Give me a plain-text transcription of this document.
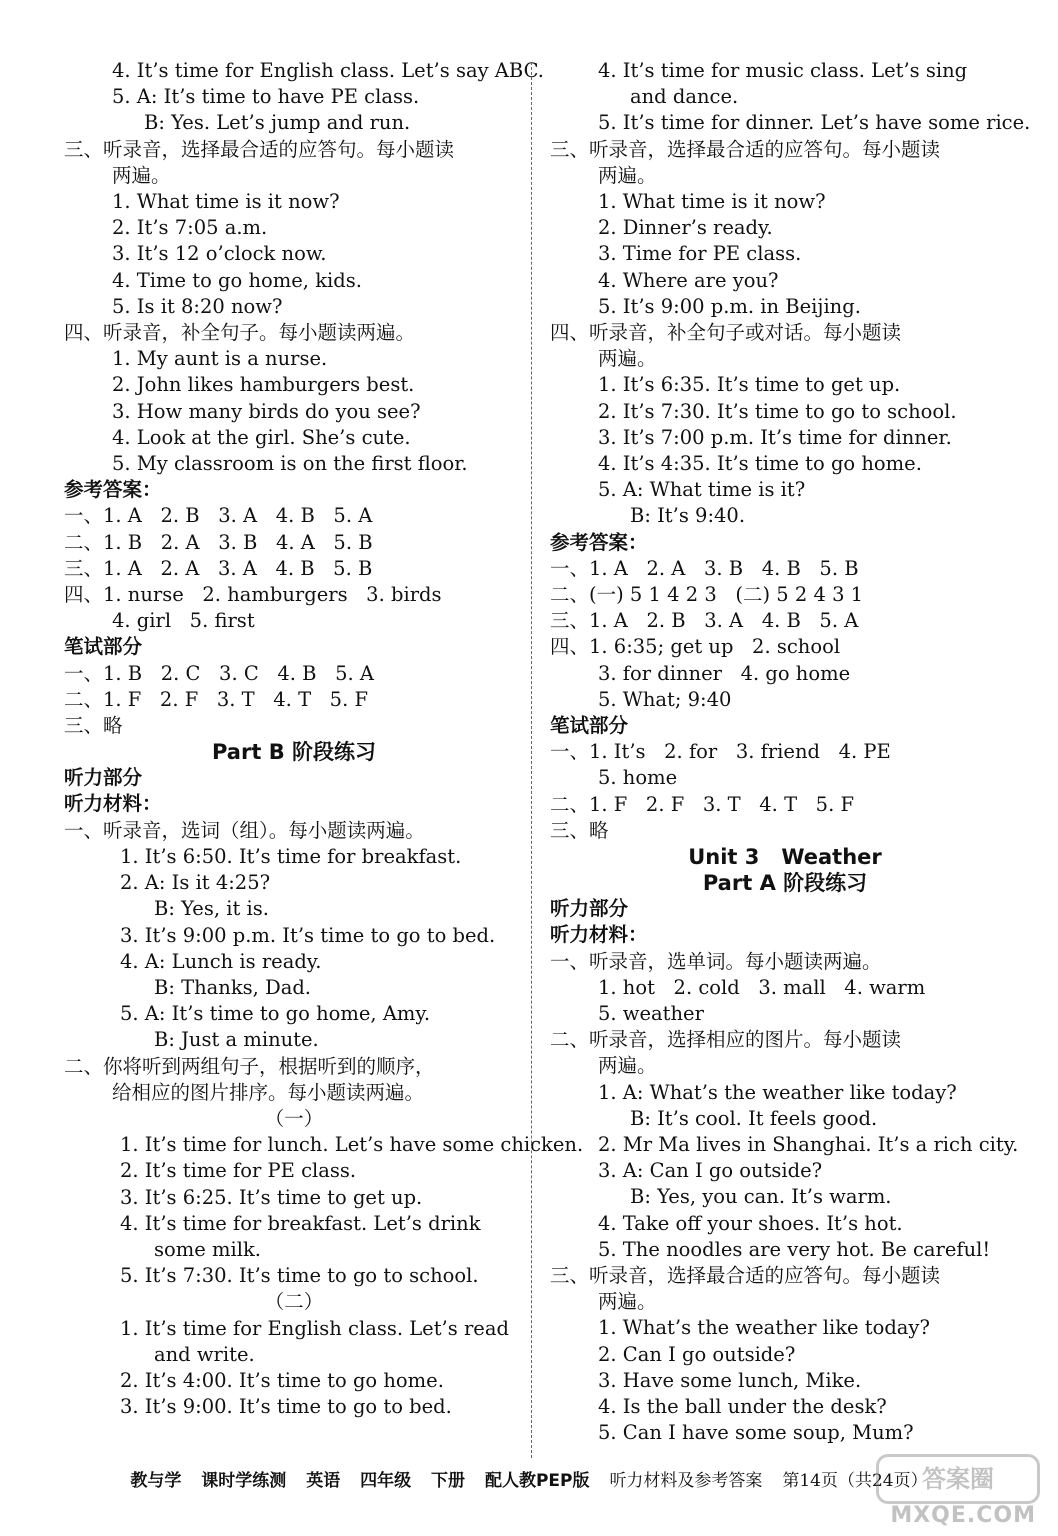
4. It’s time for English class. Let’s say ABC.
5. A: It’s time to have PE class.
B: Yes. Let’s jump and run.
三、听录音，选择最合适的应答句。每小题读
两遍。
1. What time is it now?
2. It’s 7:05 a.m.
3. It’s 12 o’clock now.
4. Time to go home, kids.
5. Is it 8:20 now?
四、听录音，补全句子。每小题读两遍。
1. My aunt is a nurse.
2. John likes hamburgers best.
3. How many birds do you see?
4. Look at the girl. She’s cute.
5. My classroom is on the first floor.
参考答案：
一、1. A   2. B   3. A   4. B   5. A
二、1. B   2. A   3. B   4. A   5. B
三、1. A   2. A   3. A   4. B   5. B
四、1. nurse   2. hamburgers   3. birds
4. girl   5. first
笔试部分
一、1. B   2. C   3. C   4. B   5. A
二、1. F   2. F   3. T   4. T   5. F
三、略
Part B 阶段练习
听力部分
听力材料：
一、听录音，选词（组）。每小题读两遍。
1. It’s 6:50. It’s time for breakfast.
2. A: Is it 4:25?
B: Yes, it is.
3. It’s 9:00 p.m. It’s time to go to bed.
4. A: Lunch is ready.
B: Thanks, Dad.
5. A: It’s time to go home, Amy.
B: Just a minute.
二、你将听到两组句子，根据听到的顺序，
给相应的图片排序。每小题读两遍。
（一）
1. It’s time for lunch. Let’s have some chicken.
2. It’s time for PE class.
3. It’s 6:25. It’s time to get up.
4. It’s time for breakfast. Let’s drink
some milk.
5. It’s 7:30. It’s time to go to school.
（二）
1. It’s time for English class. Let’s read
and write.
2. It’s 4:00. It’s time to go home.
3. It’s 9:00. It’s time to go to bed.
4. It’s time for music class. Let’s sing
and dance.
5. It’s time for dinner. Let’s have some rice.
三、听录音，选择最合适的应答句。每小题读
两遍。
1. What time is it now?
2. Dinner’s ready.
3. Time for PE class.
4. Where are you?
5. It’s 9:00 p.m. in Beijing.
四、听录音，补全句子或对话。每小题读
两遍。
1. It’s 6:35. It’s time to get up.
2. It’s 7:30. It’s time to go to school.
3. It’s 7:00 p.m. It’s time for dinner.
4. It’s 4:35. It’s time to go home.
5. A: What time is it?
B: It’s 9:40.
参考答案：
一、1. A   2. A   3. B   4. B   5. B
二、(一) 5 1 4 2 3   (二) 5 2 4 3 1
三、1. A   2. B   3. A   4. B   5. A
四、1. 6:35; get up   2. school
3. for dinner   4. go home
5. What; 9:40
笔试部分
一、1. It’s   2. for   3. friend   4. PE
5. home
二、1. F   2. F   3. T   4. T   5. F
三、略
Unit 3   Weather
Part A 阶段练习
听力部分
听力材料：
一、听录音，选单词。每小题读两遍。
1. hot   2. cold   3. mall   4. warm
5. weather
二、听录音，选择相应的图片。每小题读
两遍。
1. A: What’s the weather like today?
B: It’s cool. It feels good.
2. Mr Ma lives in Shanghai. It’s a rich city.
3. A: Can I go outside?
B: Yes, you can. It’s warm.
4. Take off your shoes. It’s hot.
5. The noodles are very hot. Be careful!
三、听录音，选择最合适的应答句。每小题读
两遍。
1. What’s the weather like today?
2. Can I go outside?
3. Have some lunch, Mike.
4. Is the ball under the desk?
5. Can I have some soup, Mum?
教与学 课时学练测 英语 四年级 下册 配人教PEP版 听力材料及参考答案 第14页（共24页）
答案圈
MXQE.COM
